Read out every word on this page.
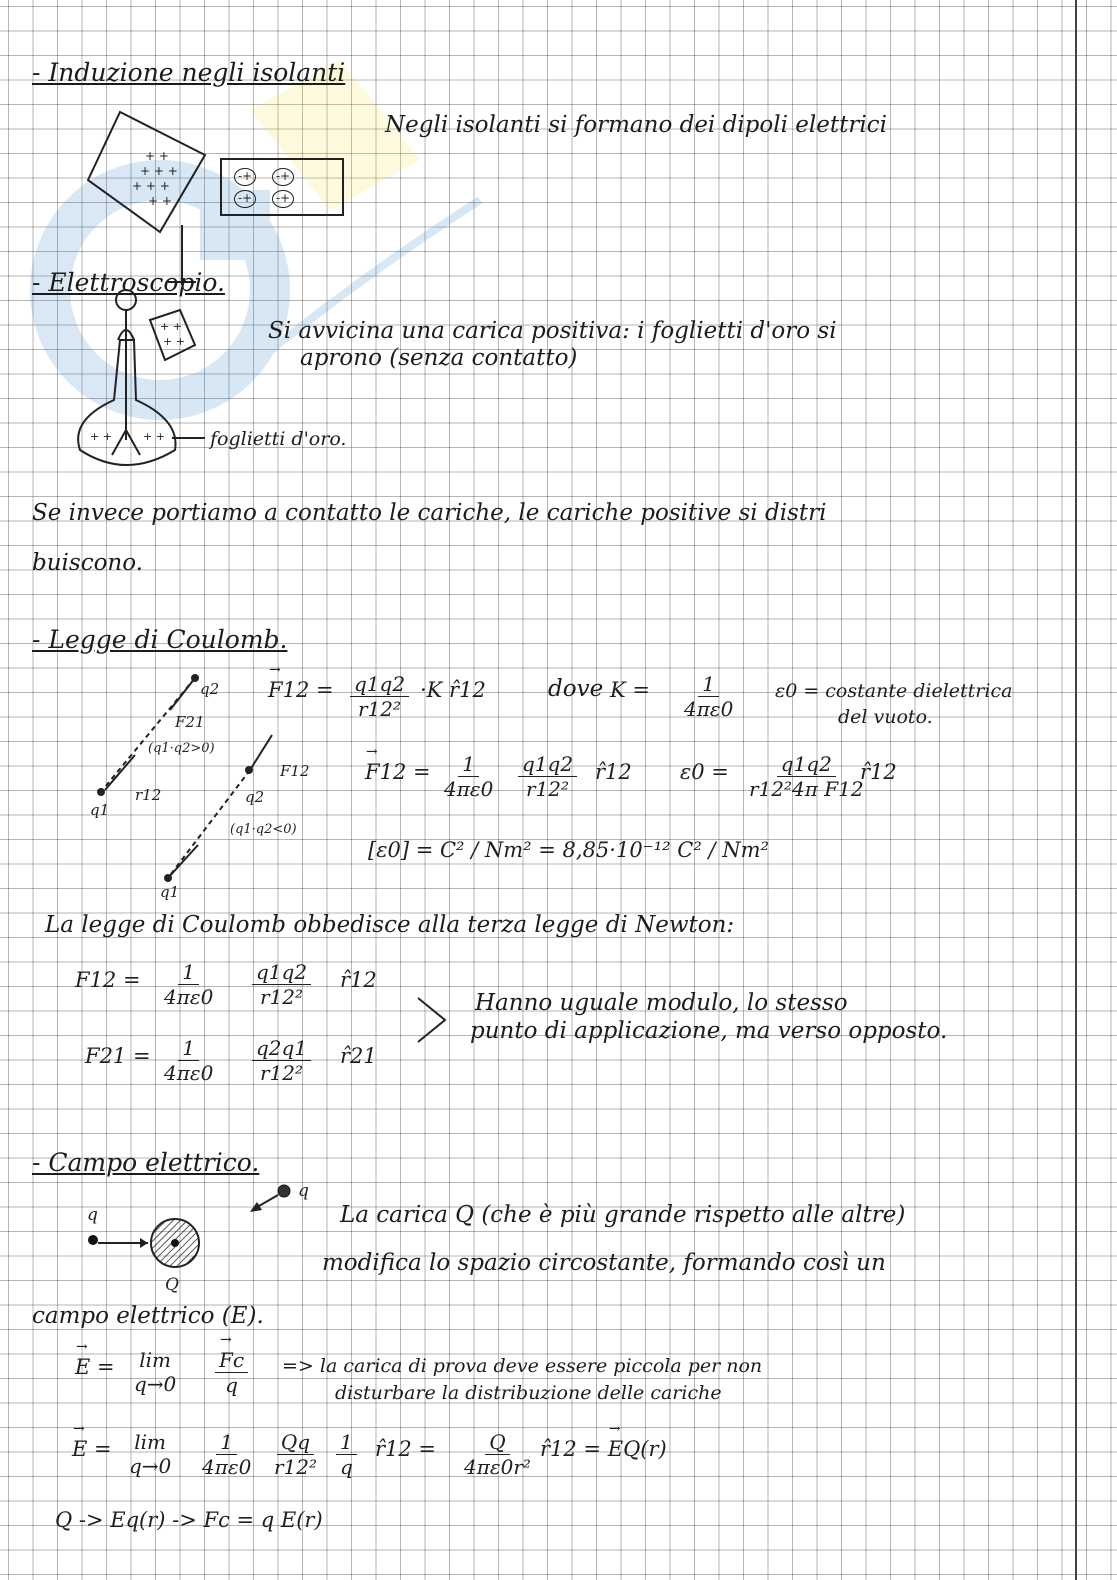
- Induzione negli isolanti
Negli isolanti si formano dei dipoli elettrici
+ +
+ + +
+ + +
+ +
-+	-+
-+	-+
- Elettroscopio.
Si avvicina una carica positiva: i foglietti d'oro si
aprono (senza contatto)
foglietti d'oro.
+ +
+ +
+ +
+ +
Se invece portiamo a contatto le cariche, le cariche positive si distri
buiscono.
- Legge di Coulomb.
q2
q1
F21
r12
(q1·q2>0)
q2
F12
(q1·q2<0)
q1
→ $F12 = \frac{q1q2}{\text{r12²}} \cdot K$ r̂12	dove $K = \frac{1}{4\pi\varepsilon 0} \varepsilon 0$ = costante dielettrica
del vuoto.
→ $F12 = \frac{1}{4\pi\varepsilon 0} \frac{q1q2}{\text{r12²}}$ r̂12 $\varepsilon 0 = \frac{q1q2}{\text{r12²4π F12}}$
r̂12
[ε0] = C² / Nm² = 8,85·10⁻¹² C² / Nm²
La legge di Coulomb obbedisce alla terza legge di Newton:
$F12 = \frac{1}{4\pi\varepsilon 0} \frac{q1q2}{\text{r12²}}$ r̂12
$F21 = \frac{1}{4\pi\varepsilon 0} \frac{q2q1}{\text{r12²}}$ r̂21
Hanno uguale modulo, lo stesso
punto di applicazione, ma verso opposto.
- Campo elettrico.
q
q
Q
La carica Q (che è più grande rispetto alle altre)
modifica lo spazio circostante, formando così un
campo elettrico (E).
→ E = lim
q→0
→ $\frac{Fc}{q}$ => la carica di prova deve essere piccola per non
disturbare la distribuzione delle cariche
→ E = lim
$q\to 0 \frac{1}{4\pi\varepsilon 0} \frac{Qq}{\text{r12²}} \frac{1}{q}$ r̂12 = $\frac{Q}{\text{4πε0r²}}$ r̂12 = → EQ(r)
Q -> Eq(r) -> Fc = q E(r)
